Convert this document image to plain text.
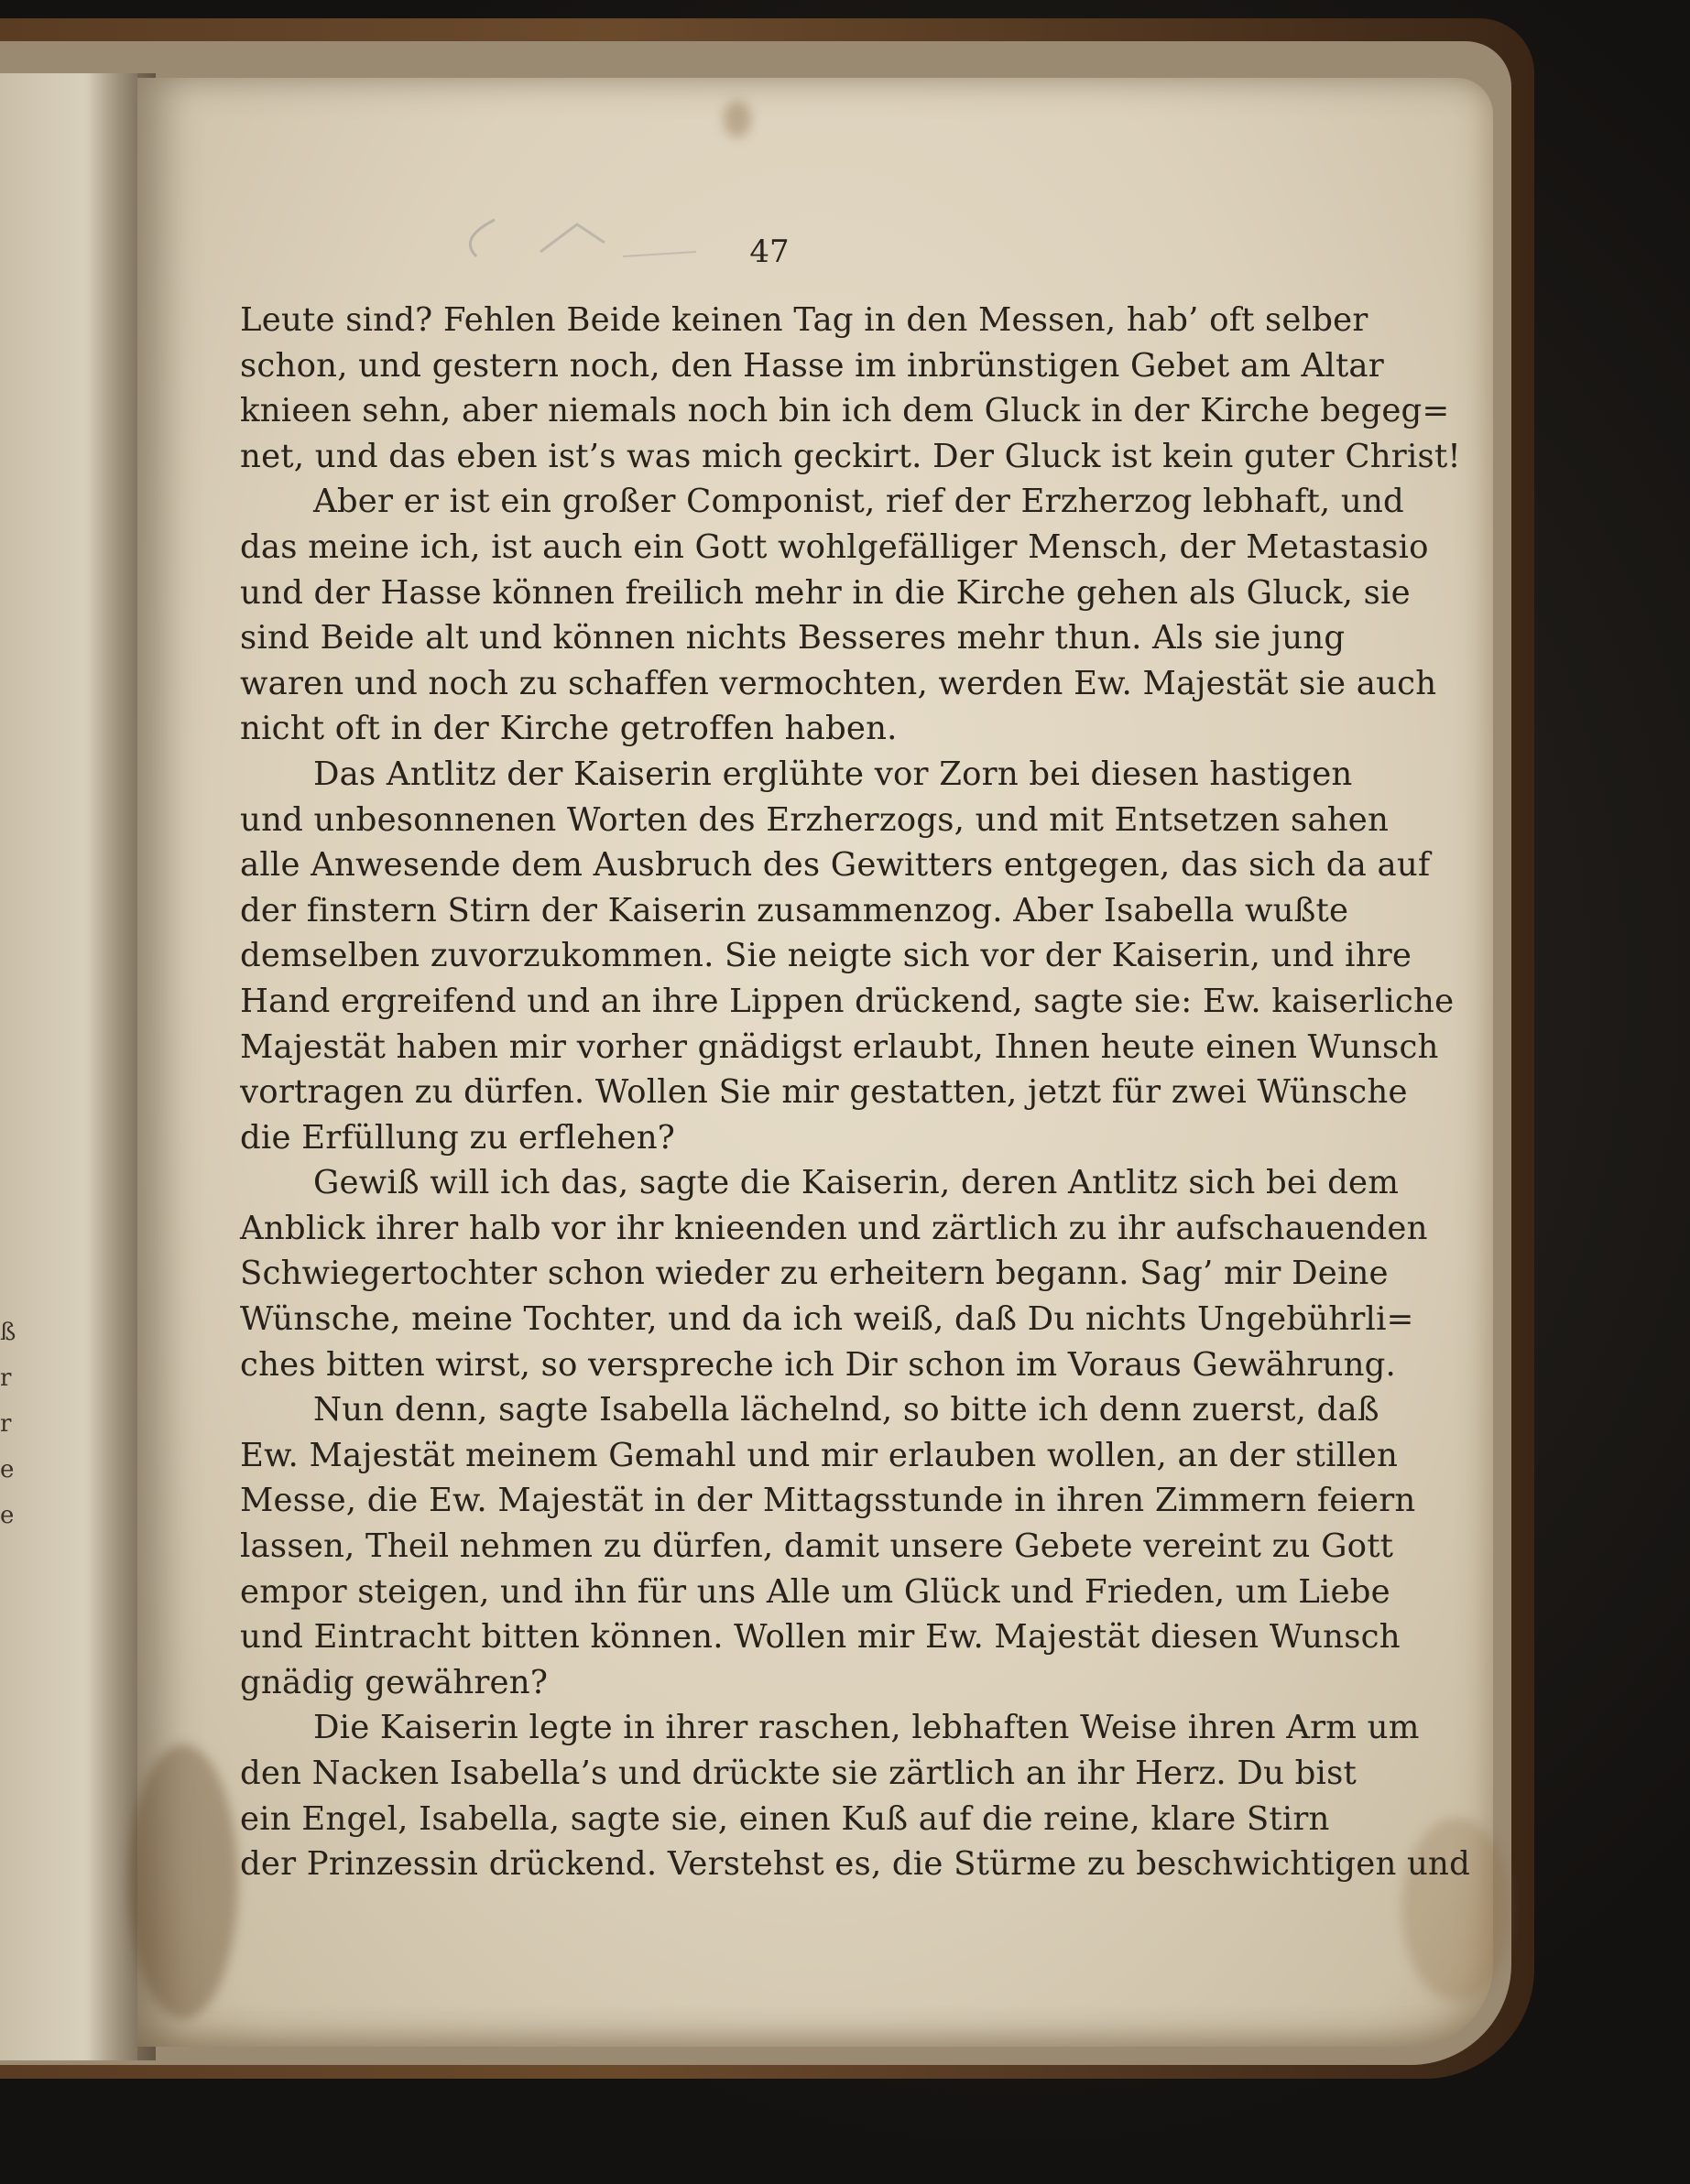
47
Leute sind? Fehlen Beide keinen Tag in den Messen, hab’ oft selber
schon, und gestern noch, den Hasse im inbrünstigen Gebet am Altar
knieen sehn, aber niemals noch bin ich dem Gluck in der Kirche begeg=
net, und das eben ist’s was mich geckirt. Der Gluck ist kein guter Christ!
Aber er ist ein großer Componist, rief der Erzherzog lebhaft, und
das meine ich, ist auch ein Gott wohlgefälliger Mensch, der Metastasio
und der Hasse können freilich mehr in die Kirche gehen als Gluck, sie
sind Beide alt und können nichts Besseres mehr thun. Als sie jung
waren und noch zu schaffen vermochten, werden Ew. Majestät sie auch
nicht oft in der Kirche getroffen haben.
Das Antlitz der Kaiserin erglühte vor Zorn bei diesen hastigen
und unbesonnenen Worten des Erzherzogs, und mit Entsetzen sahen
alle Anwesende dem Ausbruch des Gewitters entgegen, das sich da auf
der finstern Stirn der Kaiserin zusammenzog. Aber Isabella wußte
demselben zuvorzukommen. Sie neigte sich vor der Kaiserin, und ihre
Hand ergreifend und an ihre Lippen drückend, sagte sie: Ew. kaiserliche
Majestät haben mir vorher gnädigst erlaubt, Ihnen heute einen Wunsch
vortragen zu dürfen. Wollen Sie mir gestatten, jetzt für zwei Wünsche
die Erfüllung zu erflehen?
Gewiß will ich das, sagte die Kaiserin, deren Antlitz sich bei dem
Anblick ihrer halb vor ihr knieenden und zärtlich zu ihr aufschauenden
Schwiegertochter schon wieder zu erheitern begann. Sag’ mir Deine
Wünsche, meine Tochter, und da ich weiß, daß Du nichts Ungebührli=
ches bitten wirst, so verspreche ich Dir schon im Voraus Gewährung.
Nun denn, sagte Isabella lächelnd, so bitte ich denn zuerst, daß
Ew. Majestät meinem Gemahl und mir erlauben wollen, an der stillen
Messe, die Ew. Majestät in der Mittagsstunde in ihren Zimmern feiern
lassen, Theil nehmen zu dürfen, damit unsere Gebete vereint zu Gott
empor steigen, und ihn für uns Alle um Glück und Frieden, um Liebe
und Eintracht bitten können. Wollen mir Ew. Majestät diesen Wunsch
gnädig gewähren?
Die Kaiserin legte in ihrer raschen, lebhaften Weise ihren Arm um
den Nacken Isabella’s und drückte sie zärtlich an ihr Herz. Du bist
ein Engel, Isabella, sagte sie, einen Kuß auf die reine, klare Stirn
der Prinzessin drückend. Verstehst es, die Stürme zu beschwichtigen und
ß
r
r
e
e
